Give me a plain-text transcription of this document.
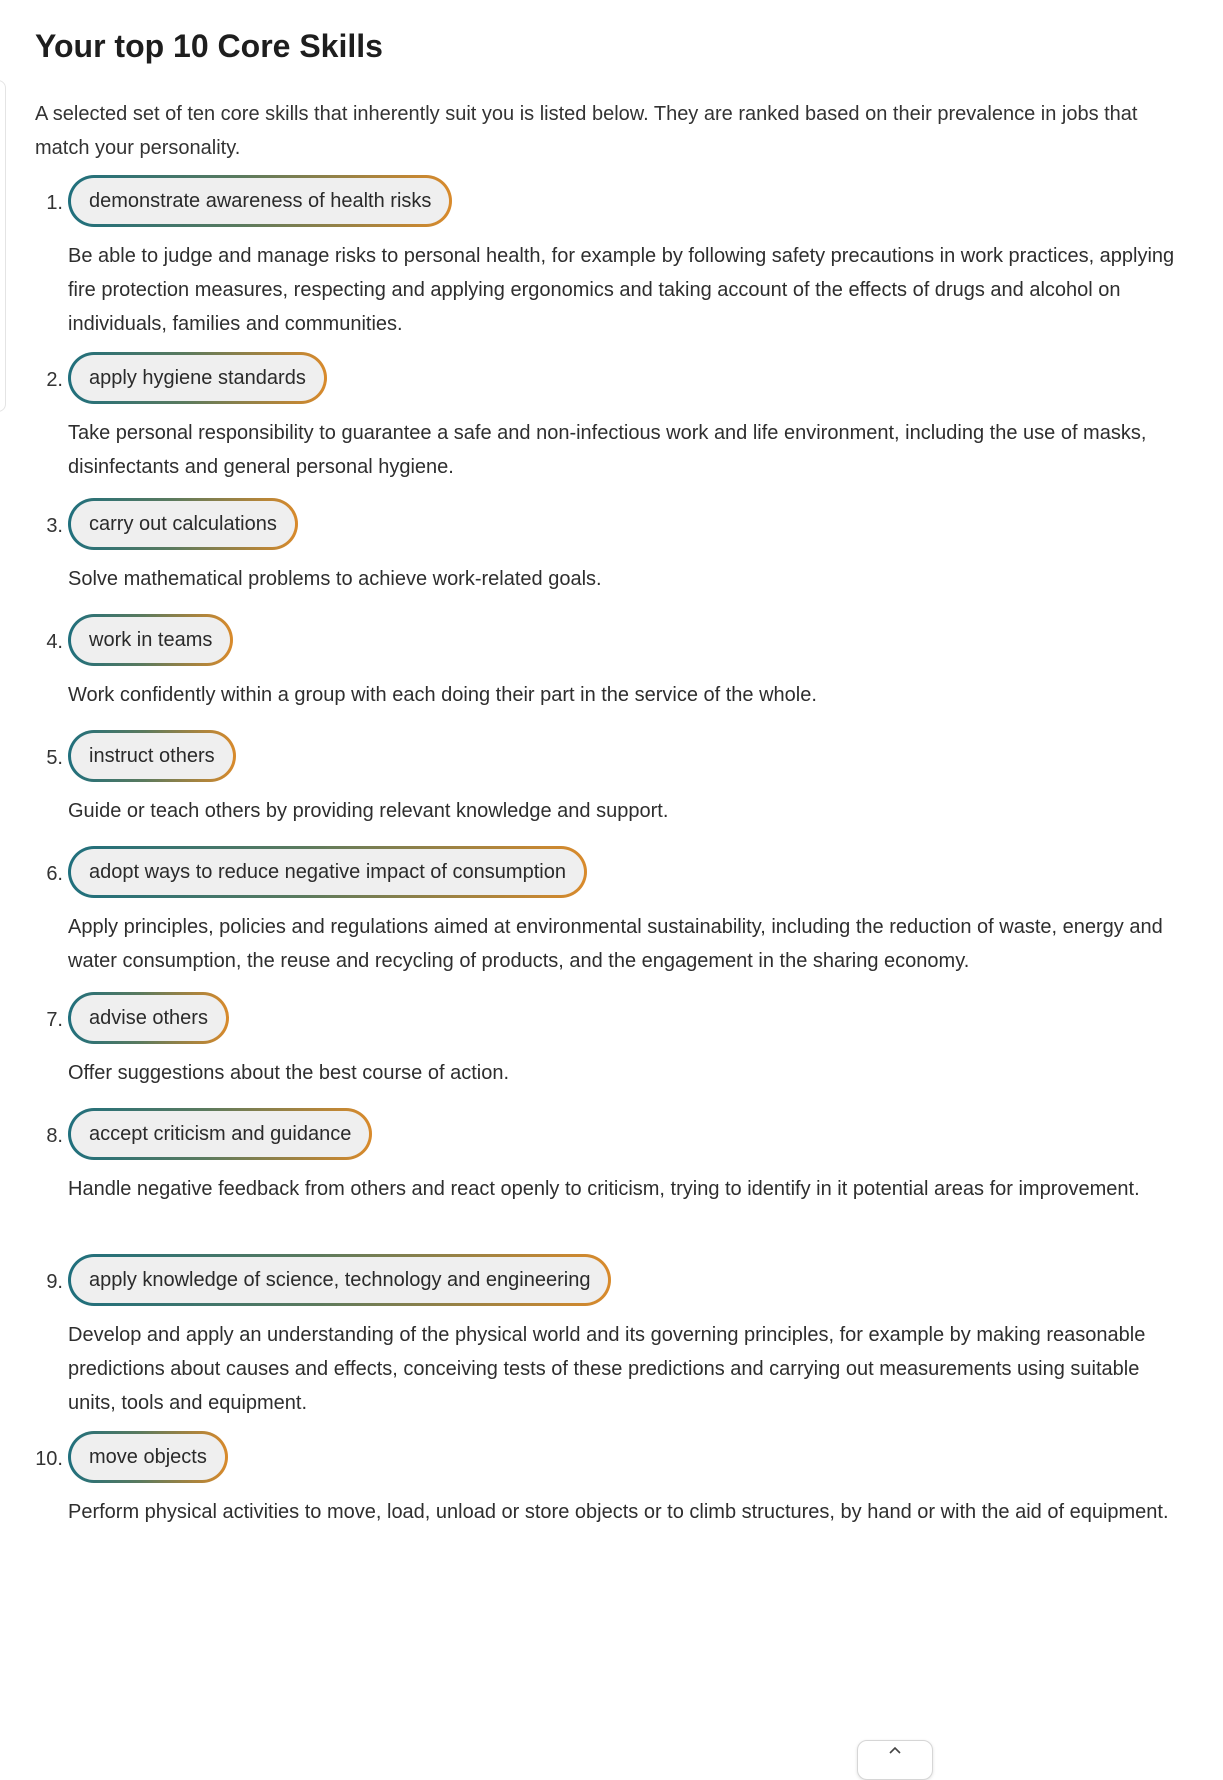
Your top 10 Core Skills

A selected set of ten core skills that inherently suit you is listed below. They are ranked based on their prevalence in jobs that match your personality.

1.	demonstrate awareness of health risks

Be able to judge and manage risks to personal health, for example by following safety precautions in work practices, applying fire protection measures, respecting and applying ergonomics and taking account of the effects of drugs and alcohol on individuals, families and communities.

2.	apply hygiene standards

Take personal responsibility to guarantee a safe and non-infectious work and life environment, including the use of masks, disinfectants and general personal hygiene.

3.	carry out calculations

Solve mathematical problems to achieve work-related goals.

4.	work in teams

Work confidently within a group with each doing their part in the service of the whole.

5.	instruct others

Guide or teach others by providing relevant knowledge and support.

6.	adopt ways to reduce negative impact of consumption

Apply principles, policies and regulations aimed at environmental sustainability, including the reduction of waste, energy and water consumption, the reuse and recycling of products, and the engagement in the sharing economy.

7.	advise others

Offer suggestions about the best course of action.

8.	accept criticism and guidance

Handle negative feedback from others and react openly to criticism, trying to identify in it potential areas for improvement.

9.	apply knowledge of science, technology and engineering

Develop and apply an understanding of the physical world and its governing principles, for example by making reasonable predictions about causes and effects, conceiving tests of these predictions and carrying out measurements using suitable units, tools and equipment.

10.	move objects

Perform physical activities to move, load, unload or store objects or to climb structures, by hand or with the aid of equipment.
